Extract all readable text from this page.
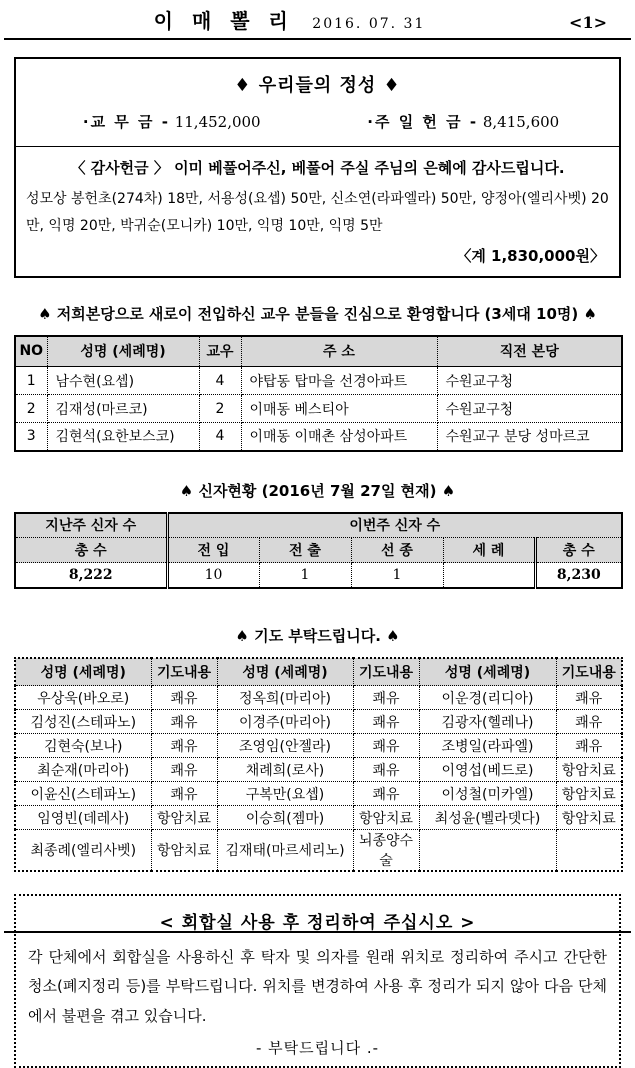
이 매 뽈 리 2016. 07. 31	<1>
♦ 우리들의 정성 ♦
·교 무 금 - 11,452,000	·주 일 헌 금 - 8,415,600
〈 감사헌금 〉 이미 베풀어주신, 베풀어 주실 주님의 은혜에 감사드립니다.
성모상 봉헌초(274차) 18만, 서용성(요셉) 50만, 신소연(라파엘라) 50만, 양정아(엘리사벳) 20만, 익명 20만, 박귀순(모니카) 10만, 익명 10만, 익명 5만
〈계 1,830,000원〉
♠ 저희본당으로 새로이 전입하신 교우 분들을 진심으로 환영합니다 (3세대 10명) ♠
NO	성명 (세례명)	교우	주 소	직전 본당
1	남수현(요셉)	4	야탑동 탑마을 선경아파트	수원교구청
2	김재성(마르코)	2	이매동 베스티아	수원교구청
3	김현석(요한보스코)	4	이매동 이매촌 삼성아파트	수원교구 분당 성마르코
♠ 신자현황 (2016년 7월 27일 현재) ♠
지난주 신자 수	이번주 신자 수				
총 수	전 입	전 출	선 종	세 례	총 수
8,222	10	1	1		8,230
♠ 기도 부탁드립니다. ♠
성명 (세례명)	기도내용	성명 (세례명)	기도내용	성명 (세례명)	기도내용
우상욱(바오로)	쾌유	정옥희(마리아)	쾌유	이운경(리디아)	쾌유
김성진(스테파노)	쾌유	이경주(마리아)	쾌유	김광자(헬레나)	쾌유
김현숙(보나)	쾌유	조영임(안젤라)	쾌유	조병일(라파엘)	쾌유
최순재(마리아)	쾌유	채례희(로사)	쾌유	이영섭(베드로)	항암치료
이윤신(스테파노)	쾌유	구복만(요셉)	쾌유	이성철(미카엘)	항암치료
임영빈(데레사)	항암치료	이승희(젬마)	항암치료	최성윤(벨라뎃다)	항암치료
최종례(엘리사벳)	항암치료	김재태(마르세리노)	뇌종양수술		
< 회합실 사용 후 정리하여 주십시오 >
각 단체에서 회합실을 사용하신 후 탁자 및 의자를 원래 위치로 정리하여 주시고 간단한 청소(폐지정리 등)를 부탁드립니다. 위치를 변경하여 사용 후 정리가 되지 않아 다음 단체에서 불편을 겪고 있습니다.
- 부탁드립니다 .-
